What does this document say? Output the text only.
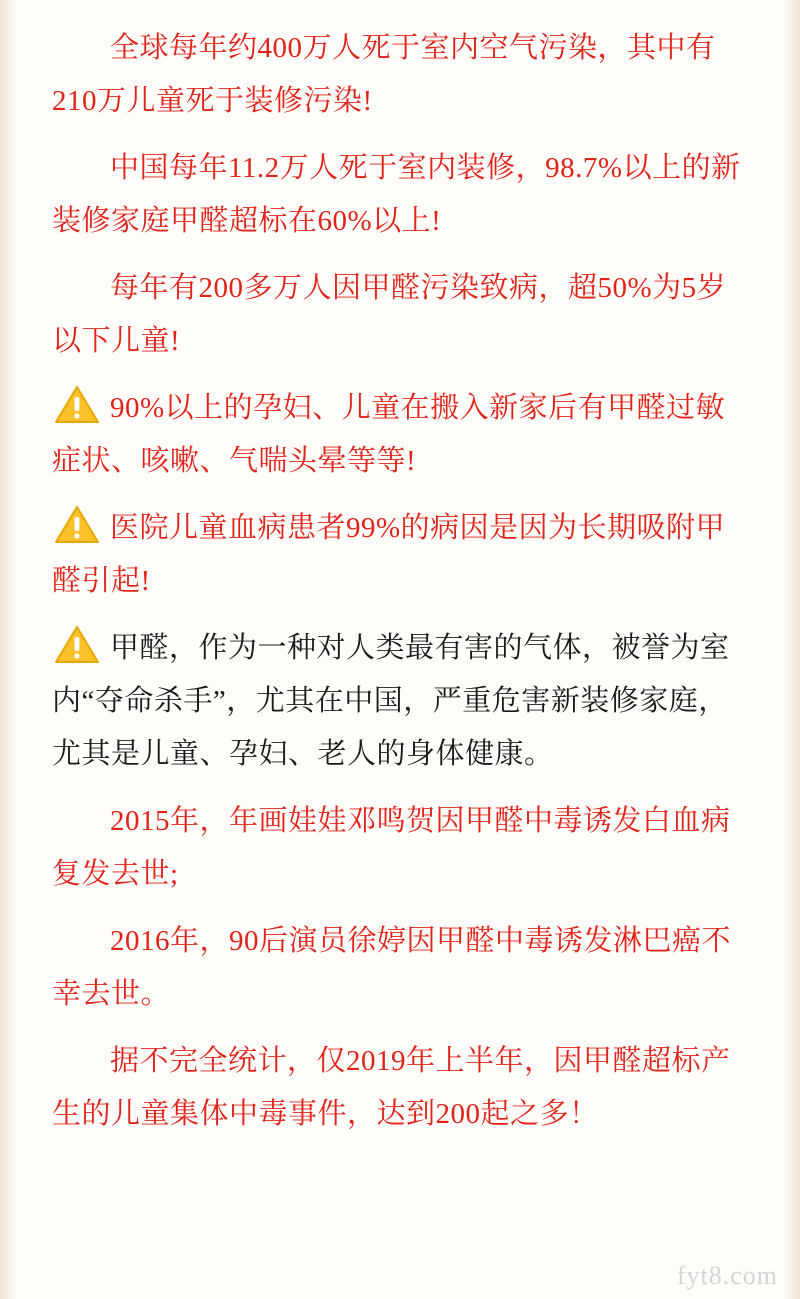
全球每年约400万人死于室内空气污染，其中有210万儿童死于装修污染!

中国每年11.2万人死于室内装修，98.7%以上的新装修家庭甲醛超标在60%以上!

每年有200多万人因甲醛污染致病，超50%为5岁以下儿童!

90%以上的孕妇、儿童在搬入新家后有甲醛过敏症状、咳嗽、气喘头晕等等!

医院儿童血病患者99%的病因是因为长期吸附甲醛引起!

甲醛，作为一种对人类最有害的气体，被誉为室内“夺命杀手”，尤其在中国，严重危害新装修家庭，尤其是儿童、孕妇、老人的身体健康。

2015年，年画娃娃邓鸣贺因甲醛中毒诱发白血病复发去世;

2016年，90后演员徐婷因甲醛中毒诱发淋巴癌不幸去世。

据不完全统计，仅2019年上半年，因甲醛超标产生的儿童集体中毒事件，达到200起之多！

fyt8.com
